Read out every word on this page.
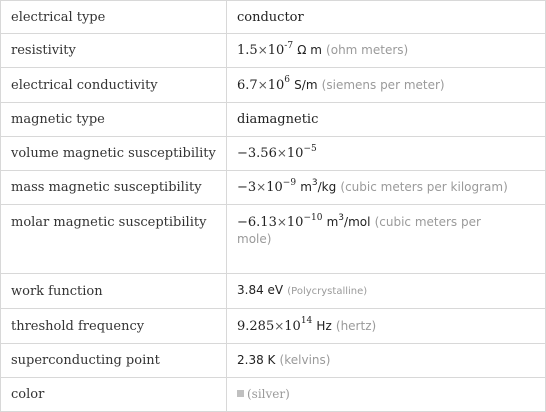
electrical type	conductor
resistivity	$1.5\times 10^{-7}$ Ω m (ohm meters)
electrical conductivity	$6.7\times 10^6$ S/m (siemens per meter)
magnetic type	diamagnetic
volume magnetic susceptibility	$-3.56\times 10^{-5}$
mass magnetic susceptibility	$-3\times 10^{-9}$ $m^3/kg$ (cubic meters per kilogram)
molar magnetic susceptibility	$-6.13\times 10^{-10}$ $m^3$/mol (cubic meters per
mole)
work function	3.84 eV (Polycrystalline)
threshold frequency	$9.285\times 10^{14}$ Hz (hertz)
superconducting point	2.38 K (kelvins)
color	(silver)
